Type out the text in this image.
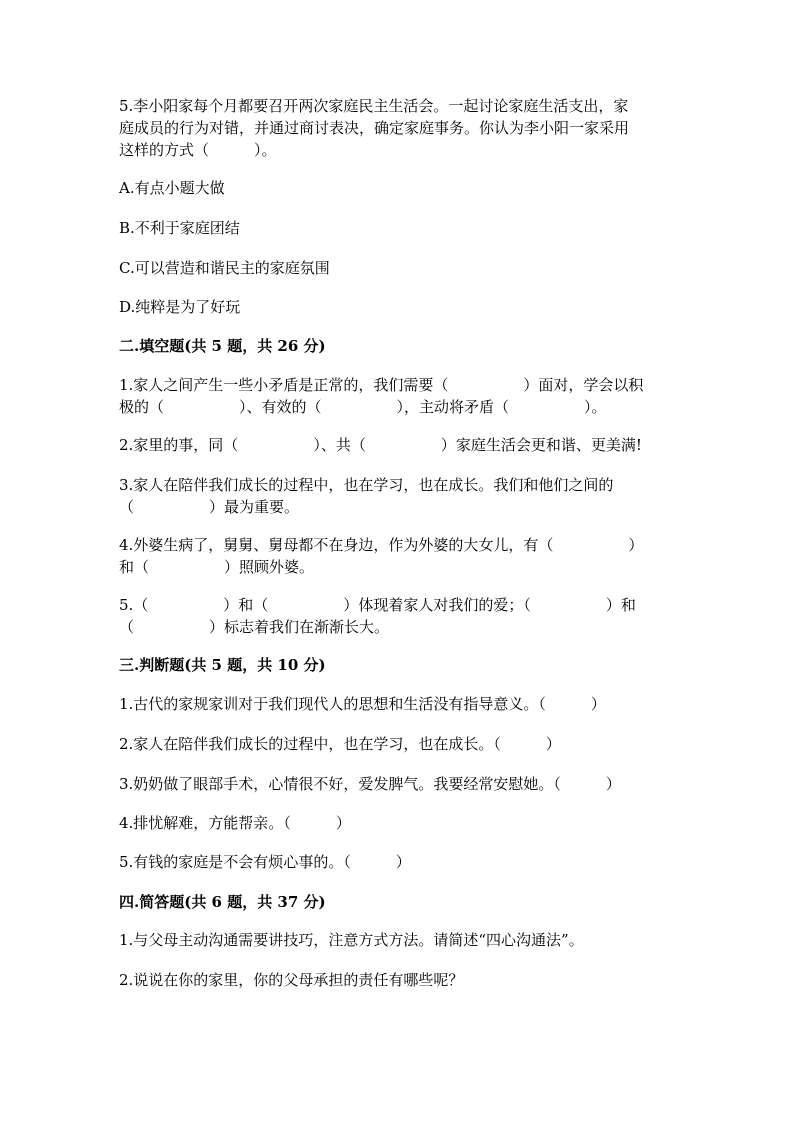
5.李小阳家每个月都要召开两次家庭民主生活会。一起讨论家庭生活支出，家
庭成员的行为对错，并通过商讨表决，确定家庭事务。你认为李小阳一家采用
这样的方式（　　　）。
A.有点小题大做
B.不利于家庭团结
C.可以营造和谐民主的家庭氛围
D.纯粹是为了好玩
二.填空题(共 5 题，共 26 分)
1.家人之间产生一些小矛盾是正常的，我们需要（　　　　　）面对，学会以积
极的（　　　　　）、有效的（　　　　　），主动将矛盾（　　　　　）。
2.家里的事，同（　　　　　）、共（　　　　　）家庭生活会更和谐、更美满!
3.家人在陪伴我们成长的过程中，也在学习，也在成长。我们和他们之间的
（　　　　　）最为重要。
4.外婆生病了，舅舅、舅母都不在身边，作为外婆的大女儿，有（　　　　　）
和（　　　　　）照顾外婆。
5.（　　　　　）和（　　　　　）体现着家人对我们的爱；（　　　　　）和
（　　　　　）标志着我们在渐渐长大。
三.判断题(共 5 题，共 10 分)
1.古代的家规家训对于我们现代人的思想和生活没有指导意义。（　　　）
2.家人在陪伴我们成长的过程中，也在学习，也在成长。（　　　）
3.奶奶做了眼部手术，心情很不好，爱发脾气。我要经常安慰她。（　　　）
4.排忧解难，方能帮亲。（　　　）
5.有钱的家庭是不会有烦心事的。（　　　）
四.简答题(共 6 题，共 37 分)
1.与父母主动沟通需要讲技巧，注意方式方法。请简述“四心沟通法”。
2.说说在你的家里，你的父母承担的责任有哪些呢？
